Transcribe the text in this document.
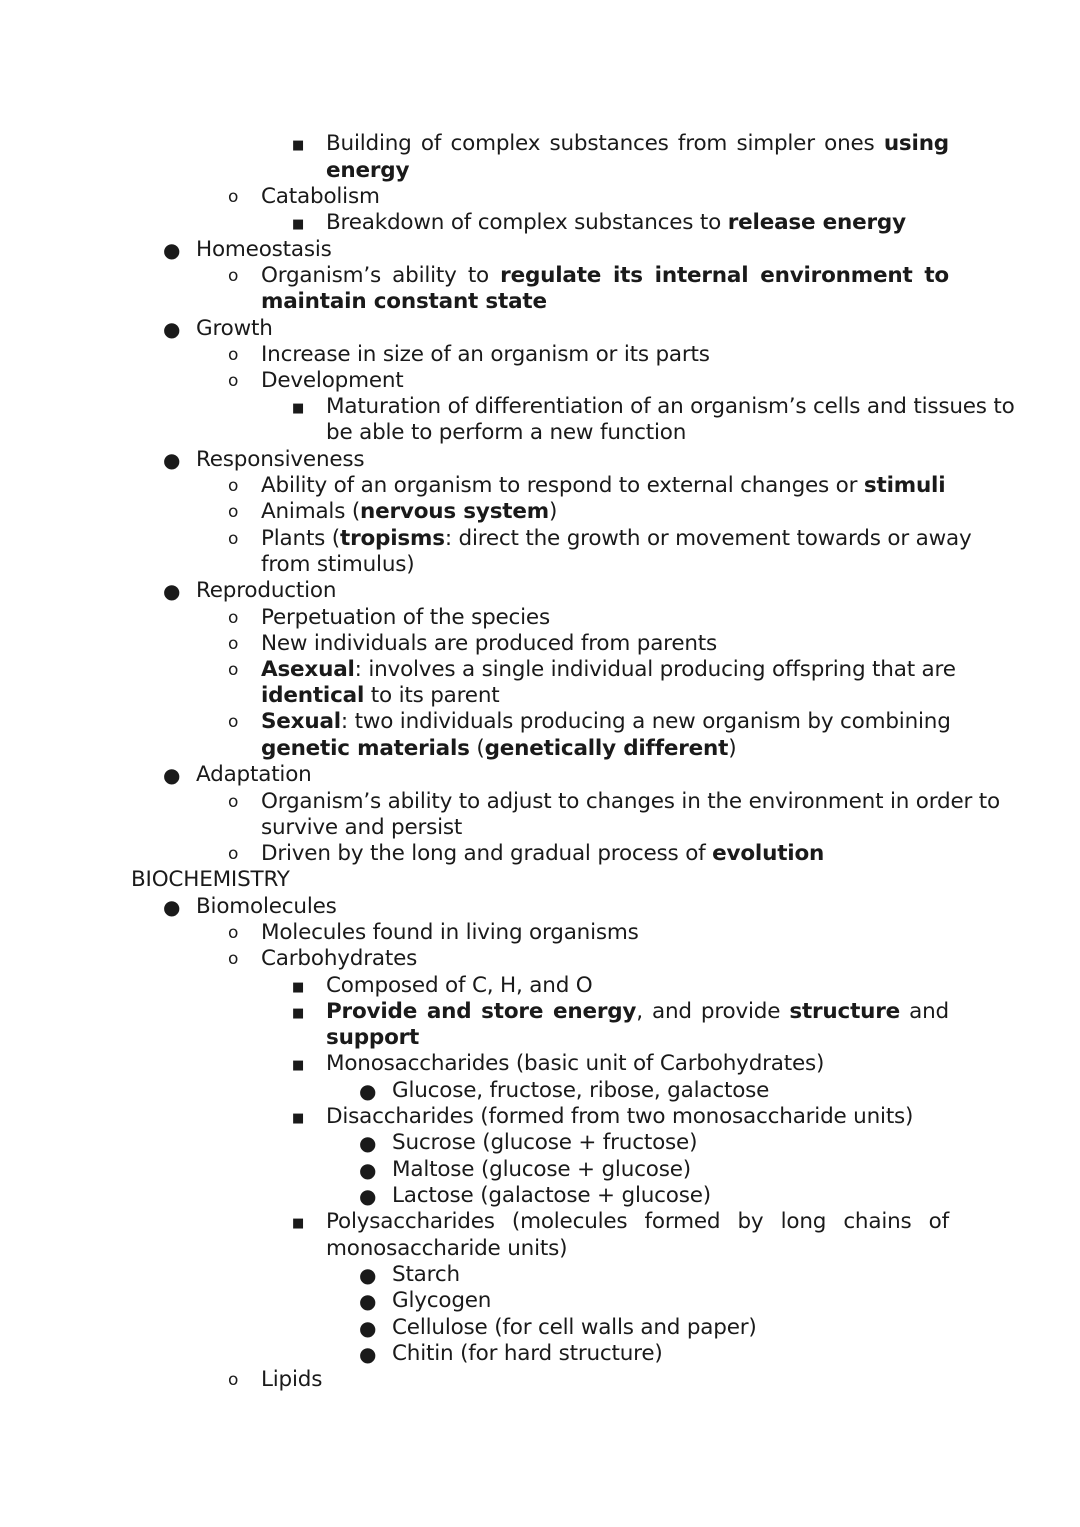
■ Building of complex substances from simpler ones using
energy
o Catabolism
■ Breakdown of complex substances to release energy
● Homeostasis
o Organism’s ability to regulate its internal environment to
maintain constant state
● Growth
o Increase in size of an organism or its parts
o Development
■ Maturation of differentiation of an organism’s cells and tissues to
be able to perform a new function
● Responsiveness
o Ability of an organism to respond to external changes or stimuli
o Animals (nervous system)
o Plants (tropisms: direct the growth or movement towards or away
from stimulus)
● Reproduction
o Perpetuation of the species
o New individuals are produced from parents
o Asexual: involves a single individual producing offspring that are
identical to its parent
o Sexual: two individuals producing a new organism by combining
genetic materials (genetically different)
● Adaptation
o Organism’s ability to adjust to changes in the environment in order to
survive and persist
o Driven by the long and gradual process of evolution
BIOCHEMISTRY
● Biomolecules
o Molecules found in living organisms
o Carbohydrates
■ Composed of C, H, and O
■ Provide and store energy, and provide structure and
support
■ Monosaccharides (basic unit of Carbohydrates)
● Glucose, fructose, ribose, galactose
■ Disaccharides (formed from two monosaccharide units)
● Sucrose (glucose + fructose)
● Maltose (glucose + glucose)
● Lactose (galactose + glucose)
■ Polysaccharides (molecules formed by long chains of
monosaccharide units)
● Starch
● Glycogen
● Cellulose (for cell walls and paper)
● Chitin (for hard structure)
o Lipids
